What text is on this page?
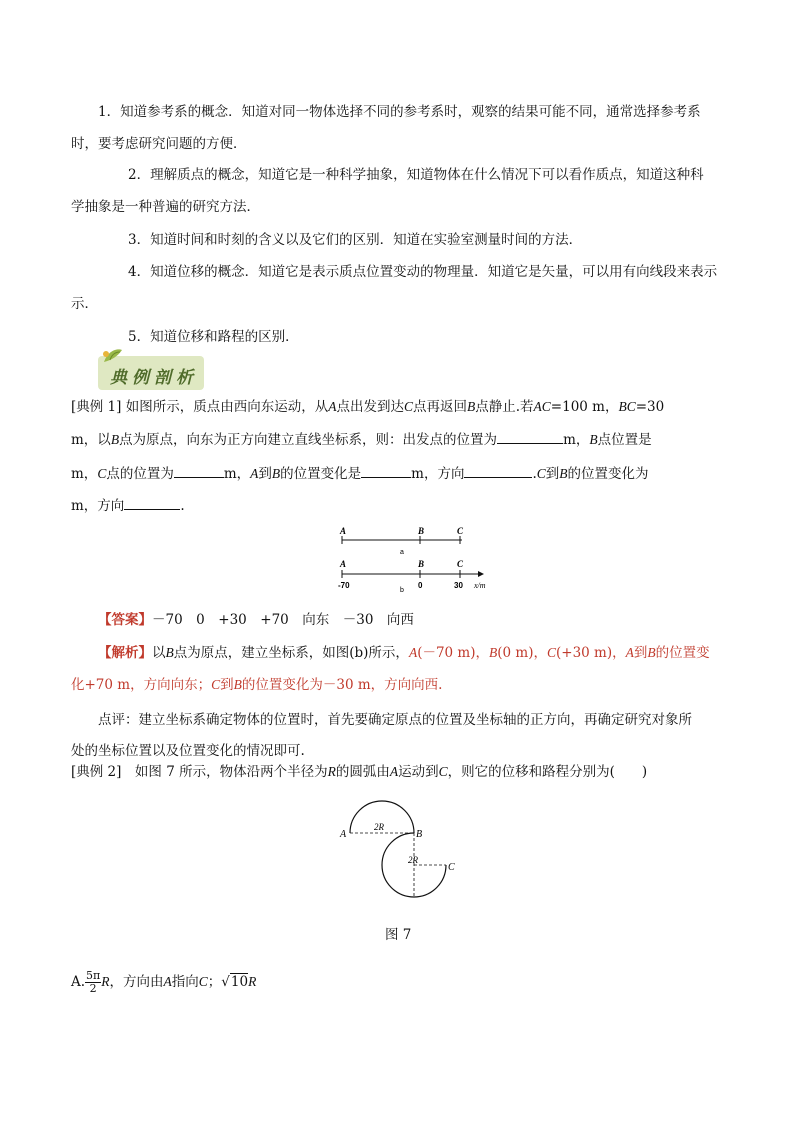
1．知道参考系的概念．知道对同一物体选择不同的参考系时，观察的结果可能不同，通常选择参考系
时，要考虑研究问题的方便．
2．理解质点的概念，知道它是一种科学抽象，知道物体在什么情况下可以看作质点，知道这种科
学抽象是一种普遍的研究方法．
3．知道时间和时刻的含义以及它们的区别．知道在实验室测量时间的方法．
4．知道位移的概念．知道它是表示质点位置变动的物理量．知道它是矢量，可以用有向线段来表示
示．
5．知道位移和路程的区别．
典例剖析
[典例 1] 如图所示，质点由西向东运动，从A点出发到达C点再返回B点静止.若AC=100 m，BC=30
m，以B点为原点，向东为正方向建立直线坐标系，则：出发点的位置为	m，B点位置是
m，C点的位置为	m，A到B的位置变化是	m，方向	.C到B的位置变化为
m，方向	.
A	B	C
a
A	B	C
-70	0	30 x/m
b
【答案】－70　0　+30　+70　向东　－30　向西
【解析】以B点为原点，建立坐标系，如图(b)所示，A(－70 m)，B(0 m)，C(+30 m)，A到B的位置变
化+70 m，方向向东；C到B的位置变化为－30 m，方向向西.
点评：建立坐标系确定物体的位置时，首先要确定原点的位置及坐标轴的正方向，再确定研究对象所
处的坐标位置以及位置变化的情况即可.
[典例 2]　如图 7 所示，物体沿两个半径为R的圆弧由A运动到C，则它的位移和路程分别为(　　)
A	B
C
2R
2R
图 7
A. $\frac{5\pi}{2}$ R，方向由A指向C；√10R
